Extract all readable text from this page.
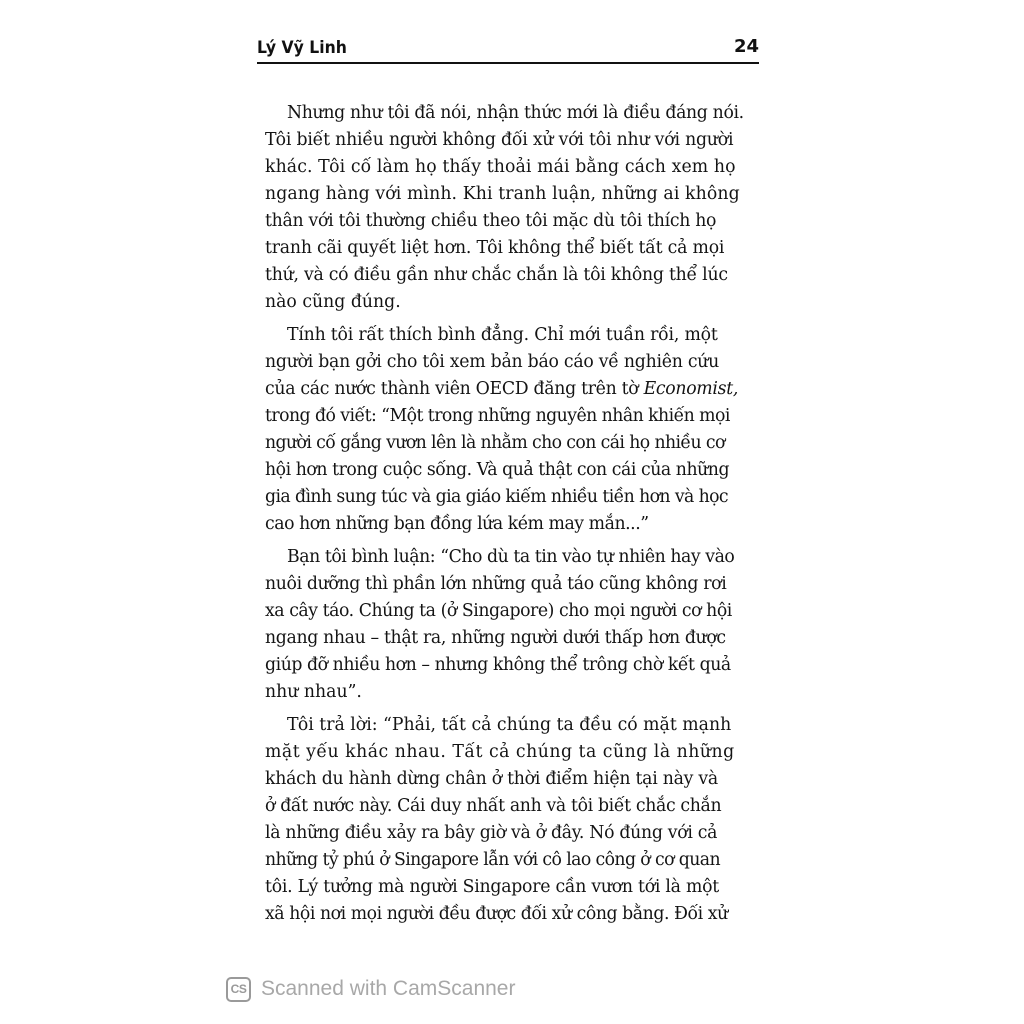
Lý Vỹ Linh	24
Nhưng như tôi đã nói, nhận thức mới là điều đáng nói.
Tôi biết nhiều người không đối xử với tôi như với người
khác. Tôi cố làm họ thấy thoải mái bằng cách xem họ
ngang hàng với mình. Khi tranh luận, những ai không
thân với tôi thường chiều theo tôi mặc dù tôi thích họ
tranh cãi quyết liệt hơn. Tôi không thể biết tất cả mọi
thứ, và có điều gần như chắc chắn là tôi không thể lúc
nào cũng đúng.
Tính tôi rất thích bình đẳng. Chỉ mới tuần rồi, một
người bạn gởi cho tôi xem bản báo cáo về nghiên cứu
của các nước thành viên OECD đăng trên tờ Economist,
trong đó viết: “Một trong những nguyên nhân khiến mọi
người cố gắng vươn lên là nhằm cho con cái họ nhiều cơ
hội hơn trong cuộc sống. Và quả thật con cái của những
gia đình sung túc và gia giáo kiếm nhiều tiền hơn và học
cao hơn những bạn đồng lứa kém may mắn...”
Bạn tôi bình luận: “Cho dù ta tin vào tự nhiên hay vào
nuôi dưỡng thì phần lớn những quả táo cũng không rơi
xa cây táo. Chúng ta (ở Singapore) cho mọi người cơ hội
ngang nhau – thật ra, những người dưới thấp hơn được
giúp đỡ nhiều hơn – nhưng không thể trông chờ kết quả
như nhau”.
Tôi trả lời: “Phải, tất cả chúng ta đều có mặt mạnh
mặt yếu khác nhau. Tất cả chúng ta cũng là những
khách du hành dừng chân ở thời điểm hiện tại này và
ở đất nước này. Cái duy nhất anh và tôi biết chắc chắn
là những điều xảy ra bây giờ và ở đây. Nó đúng với cả
những tỷ phú ở Singapore lẫn với cô lao công ở cơ quan
tôi. Lý tưởng mà người Singapore cần vươn tới là một
xã hội nơi mọi người đều được đối xử công bằng. Đối xử
CS Scanned with CamScanner
